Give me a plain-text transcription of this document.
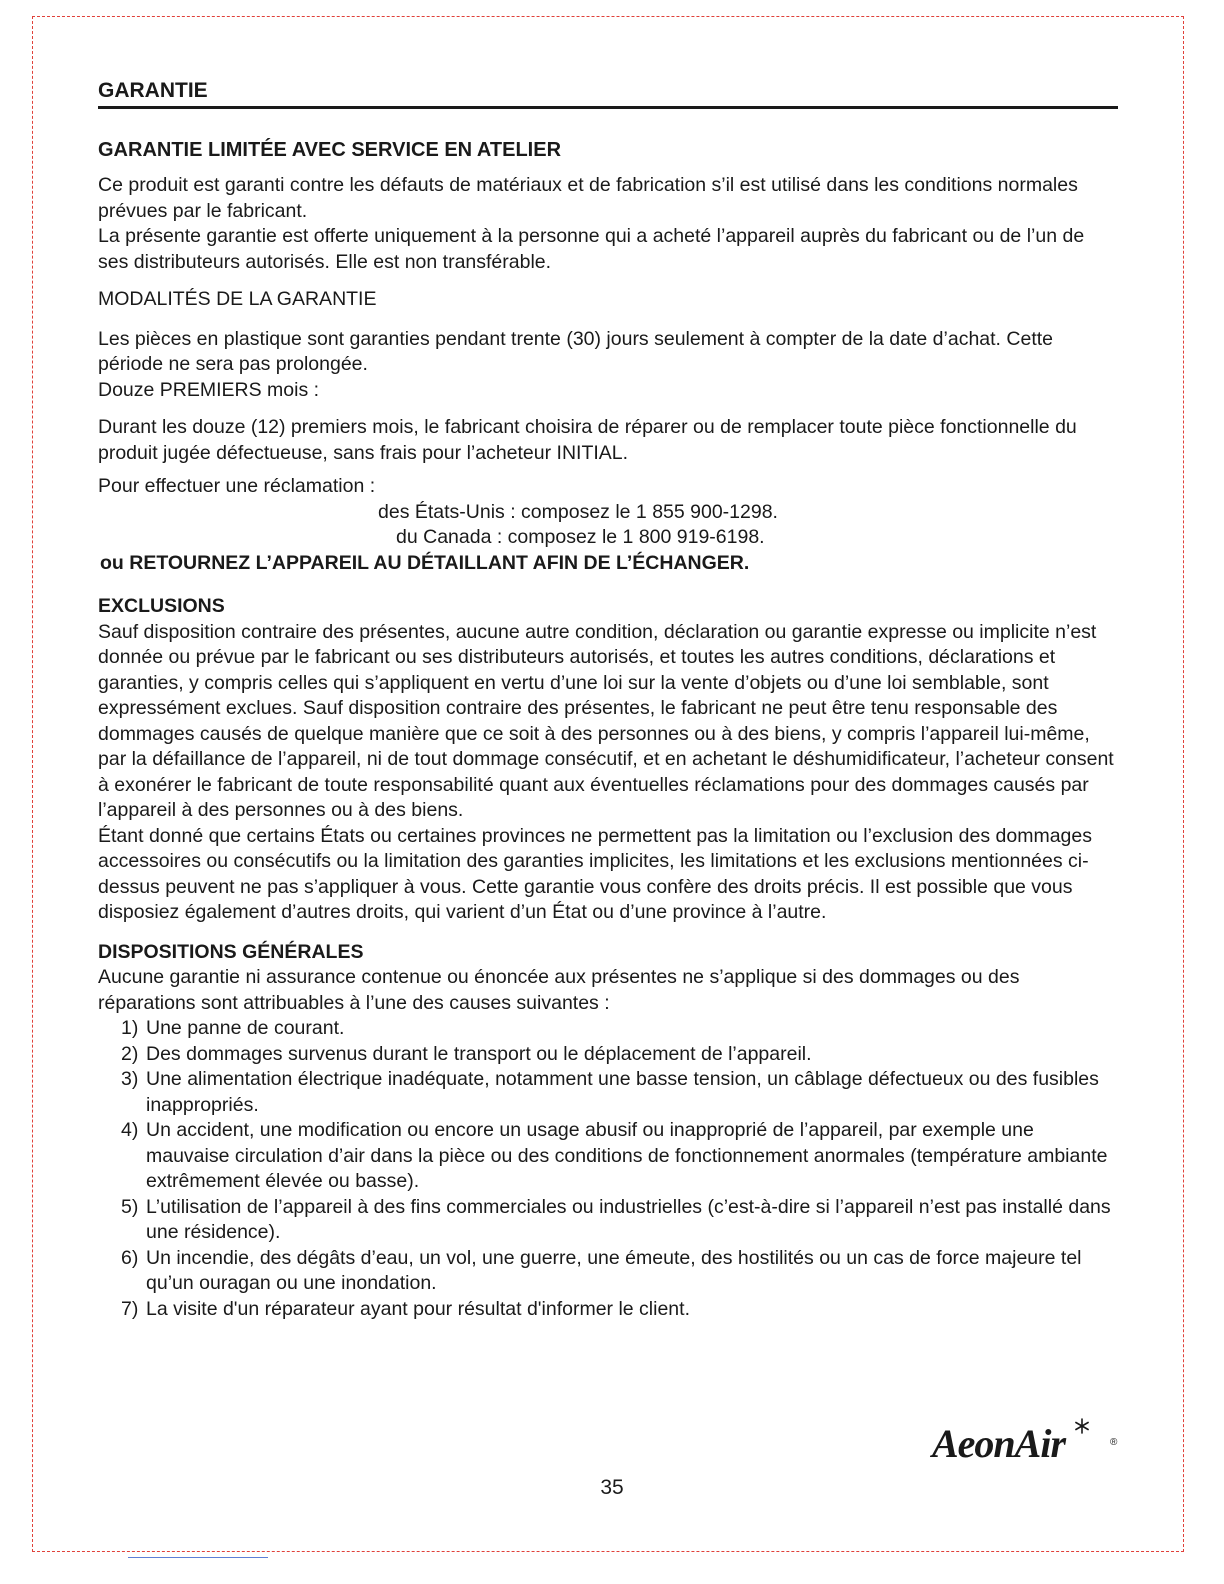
GARANTIE
GARANTIE LIMITÉE AVEC SERVICE EN ATELIER

Ce produit est garanti contre les défauts de matériaux et de fabrication s’il est utilisé dans les conditions normales prévues par le fabricant.

La présente garantie est offerte uniquement à la personne qui a acheté l’appareil auprès du fabricant ou de l’un de ses distributeurs autorisés. Elle est non transférable.

MODALITÉS DE LA GARANTIE

Les pièces en plastique sont garanties pendant trente (30) jours seulement à compter de la date d’achat. Cette période ne sera pas prolongée.

Douze PREMIERS mois :

Durant les douze (12) premiers mois, le fabricant choisira de réparer ou de remplacer toute pièce fonctionnelle du produit jugée défectueuse, sans frais pour l’acheteur INITIAL.

Pour effectuer une réclamation :

des États-Unis : composez le 1 855 900-1298.

du Canada : composez le 1 800 919-6198.

ou RETOURNEZ L’APPAREIL AU DÉTAILLANT AFIN DE L’ÉCHANGER.

EXCLUSIONS

Sauf disposition contraire des présentes, aucune autre condition, déclaration ou garantie expresse ou implicite n’est donnée ou prévue par le fabricant ou ses distributeurs autorisés, et toutes les autres conditions, déclarations et garanties, y compris celles qui s’appliquent en vertu d’une loi sur la vente d’objets ou d’une loi semblable, sont expressément exclues. Sauf disposition contraire des présentes, le fabricant ne peut être tenu responsable des dommages causés de quelque manière que ce soit à des personnes ou à des biens, y compris l’appareil lui-même, par la défaillance de l’appareil, ni de tout dommage consécutif, et en achetant le déshumidificateur, l’acheteur consent à exonérer le fabricant de toute responsabilité quant aux éventuelles réclamations pour des dommages causés par l’appareil à des personnes ou à des biens.

Étant donné que certains États ou certaines provinces ne permettent pas la limitation ou l’exclusion des dommages accessoires ou consécutifs ou la limitation des garanties implicites, les limitations et les exclusions mentionnées ci-dessus peuvent ne pas s’appliquer à vous. Cette garantie vous confère des droits précis. Il est possible que vous disposiez également d’autres droits, qui varient d’un État ou d’une province à l’autre.

DISPOSITIONS GÉNÉRALES

Aucune garantie ni assurance contenue ou énoncée aux présentes ne s’applique si des dommages ou des réparations sont attribuables à l’une des causes suivantes :

1) Une panne de courant.
2) Des dommages survenus durant le transport ou le déplacement de l’appareil.
3) Une alimentation électrique inadéquate, notamment une basse tension, un câblage défectueux ou des fusibles inappropriés.
4) Un accident, une modification ou encore un usage abusif ou inapproprié de l’appareil, par exemple une mauvaise circulation d’air dans la pièce ou des conditions de fonctionnement anormales (température ambiante extrêmement élevée ou basse).
5) L’utilisation de l’appareil à des fins commerciales ou industrielles (c’est-à-dire si l’appareil n’est pas installé dans une résidence).
6) Un incendie, des dégâts d’eau, un vol, une guerre, une émeute, des hostilités ou un cas de force majeure tel qu’un ouragan ou une inondation.
7) La visite d'un réparateur ayant pour résultat d'informer le client.
AeonAir	®
35
